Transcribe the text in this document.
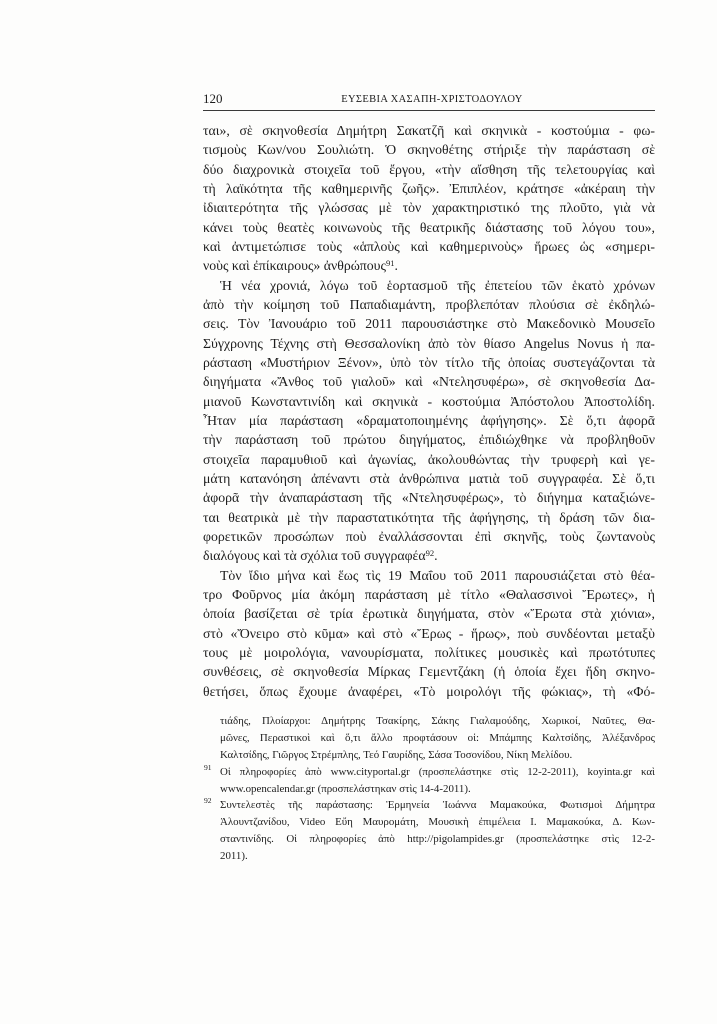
120	ΕΥΣΕΒΙΑ ΧΑΣΑΠΗ-ΧΡΙΣΤΟΔΟΥΛΟΥ
ται», σὲ σκηνοθεσία Δημήτρη Σακατζῆ καὶ σκηνικὰ - κοστούμια - φω-
τισμοὺς Κων/νου Σουλιώτη. Ὁ σκηνοθέτης στήριξε τὴν παράσταση σὲ
δύο διαχρονικὰ στοιχεῖα τοῦ ἔργου, «τὴν αἴσθηση τῆς τελετουργίας καὶ
τὴ λαϊκότητα τῆς καθημερινῆς ζωῆς». Ἐπιπλέον, κράτησε «ἀκέραιη τὴν
ἰδιαιτερότητα τῆς γλώσσας μὲ τὸν χαρακτηριστικό της πλοῦτο, γιὰ νὰ
κάνει τοὺς θεατὲς κοινωνοὺς τῆς θεατρικῆς διάστασης τοῦ λόγου του»,
καὶ ἀντιμετώπισε τοὺς «ἁπλοὺς καὶ καθημερινοὺς» ἥρωες ὡς «σημερι-
νοὺς καὶ ἐπίκαιρους» ἀνθρώπους$^{91}$.
Ἡ νέα χρονιά, λόγω τοῦ ἑορτασμοῦ τῆς ἐπετείου τῶν ἑκατὸ χρόνων
ἀπὸ τὴν κοίμηση τοῦ Παπαδιαμάντη, προβλεπόταν πλούσια σὲ ἐκδηλώ-
σεις. Τὸν Ἰανουάριο τοῦ 2011 παρουσιάστηκε στὸ Μακεδονικὸ Μουσεῖο
Σύγχρονης Τέχνης στὴ Θεσσαλονίκη ἀπὸ τὸν θίασο Angelus Novus ἡ πα-
ράσταση «Μυστήριον Ξένον», ὑπὸ τὸν τίτλο τῆς ὁποίας συστεγάζονται τὰ
διηγήματα «Ἄνθος τοῦ γιαλοῦ» καὶ «Ντελησυφέρω», σὲ σκηνοθεσία Δα-
μιανοῦ Κωνσταντινίδη καὶ σκηνικὰ - κοστούμια Ἀπόστολου Ἀποστολίδη.
Ἦταν μία παράσταση «δραματοποιημένης ἀφήγησης». Σὲ ὅ,τι ἀφορᾶ
τὴν παράσταση τοῦ πρώτου διηγήματος, ἐπιδιώχθηκε νὰ προβληθοῦν
στοιχεῖα παραμυθιοῦ καὶ ἀγωνίας, ἀκολουθώντας τὴν τρυφερὴ καὶ γε-
μάτη κατανόηση ἀπέναντι στὰ ἀνθρώπινα ματιὰ τοῦ συγγραφέα. Σὲ ὅ,τι
ἀφορᾶ τὴν ἀναπαράσταση τῆς «Ντελησυφέρως», τὸ διήγημα καταξιώνε-
ται θεατρικὰ μὲ τὴν παραστατικότητα τῆς ἀφήγησης, τὴ δράση τῶν δια-
φορετικῶν προσώπων ποὺ ἐναλλάσσονται ἐπὶ σκηνῆς, τοὺς ζωντανοὺς
διαλόγους καὶ τὰ σχόλια τοῦ συγγραφέα$^{92}$.
Τὸν ἴδιο μήνα καὶ ἕως τὶς 19 Μαΐου τοῦ 2011 παρουσιάζεται στὸ θέα-
τρο Φοῦρνος μία ἀκόμη παράσταση μὲ τίτλο «Θαλασσινοὶ Ἔρωτες», ἡ
ὁποία βασίζεται σὲ τρία ἐρωτικὰ διηγήματα, στὸν «Ἔρωτα στὰ χιόνια»,
στὸ «Ὄνειρο στὸ κῦμα» καὶ στὸ «Ἔρως - ἥρως», ποὺ συνδέονται μεταξὺ
τους μὲ μοιρολόγια, νανουρίσματα, πολίτικες μουσικὲς καὶ πρωτότυπες
συνθέσεις, σὲ σκηνοθεσία Μίρκας Γεμεντζάκη (ἡ ὁποία ἔχει ἤδη σκηνο-
θετήσει, ὅπως ἔχουμε ἀναφέρει, «Τὸ μοιρολόγι τῆς φώκιας», τὴ «Φό-
τιάδης, Πλοίαρχοι: Δημήτρης Τσακίρης, Σάκης Γιαλαμούδης, Χωρικοί, Ναῦτες, Θα-
μῶνες, Περαστικοὶ καὶ ὅ,τι ἄλλο προφτάσουν οἱ: Μπάμπης Καλτσίδης, Ἀλέξανδρος
Καλτσίδης, Γιῶργος Στρέμπλης, Τεό Γαυρίδης, Σάσα Τοσονίδου, Νίκη Μελίδου.
91 Οἱ πληροφορίες ἀπὸ www.cityportal.gr (προσπελάστηκε στὶς 12-2-2011), koyinta.gr καὶ
www.opencalendar.gr (προσπελάστηκαν στὶς 14-4-2011).
92 Συντελεστὲς τῆς παράστασης: Ἑρμηνεία Ἰωάννα Μαμακούκα, Φωτισμοὶ Δήμητρα
Ἀλουντζανίδου, Video Εὔη Μαυρομάτη, Μουσικὴ ἐπιμέλεια Ι. Μαμακούκα, Δ. Κων-
σταντινίδης. Οἱ πληροφορίες ἀπὸ http://pigolampides.gr (προσπελάστηκε στὶς 12-2-
2011).
